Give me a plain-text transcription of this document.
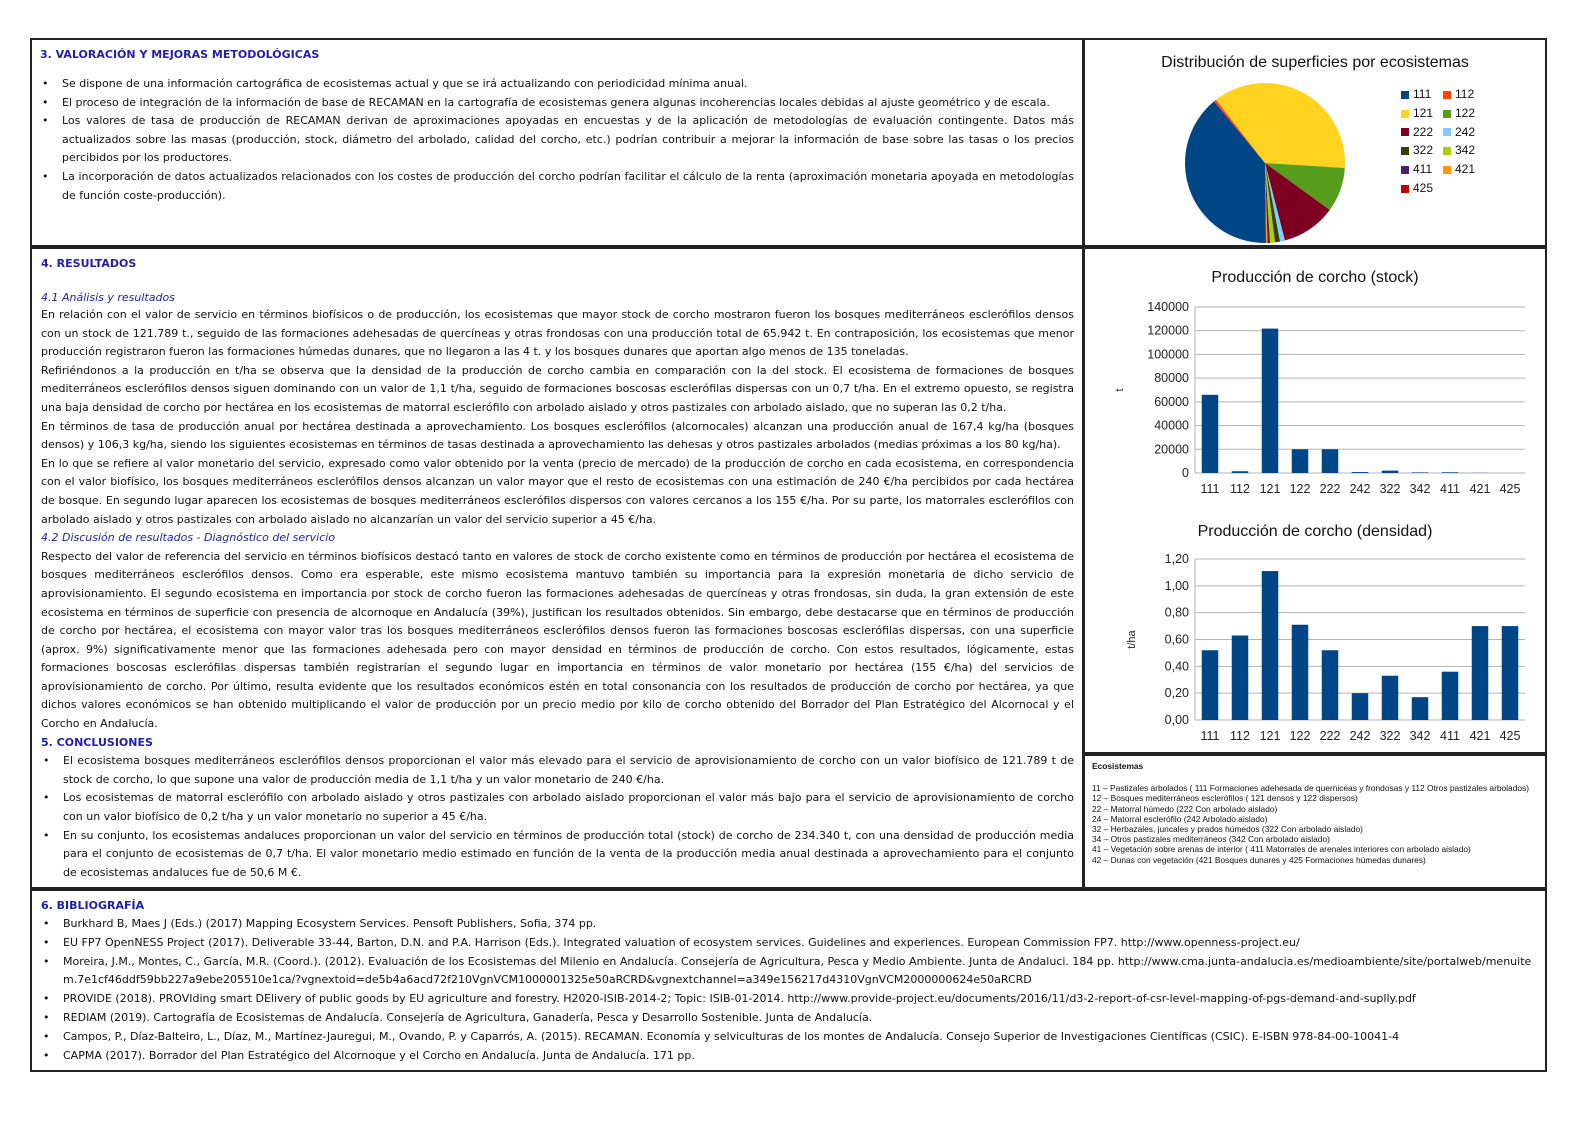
3. VALORACIÓN Y MEJORAS METODOLÓGICAS
• Se dispone de una información cartográfica de ecosistemas actual y que se irá actualizando con periodicidad mínima anual.
• El proceso de integración de la información de base de RECAMAN en la cartografía de ecosistemas genera algunas incoherencias locales debidas al ajuste geométrico y de escala.
• Los valores de tasa de producción de RECAMAN derivan de aproximaciones apoyadas en encuestas y de la aplicación de metodologías de evaluación contingente. Datos más actualizados sobre las masas (producción, stock, diámetro del arbolado, calidad del corcho, etc.) podrían contribuir a mejorar la información de base sobre las tasas o los precios percibidos por los productores.
• La incorporación de datos actualizados relacionados con los costes de producción del corcho podrían facilitar el cálculo de la renta (aproximación monetaria apoyada en metodologías de función coste-producción).
Distribución de superficies por ecosistemas
111	112
121	122
222	242
322	342
411	421
425
4. RESULTADOS
4.1 Análisis y resultados
En relación con el valor de servicio en términos biofísicos o de producción, los ecosistemas que mayor stock de corcho mostraron fueron los bosques mediterráneos esclerófilos densos con un stock de 121.789 t., seguido de las formaciones adehesadas de quercíneas y otras frondosas con una producción total de 65.942 t. En contraposición, los ecosistemas que menor producción registraron fueron las formaciones húmedas dunares, que no llegaron a las 4 t. y los bosques dunares que aportan algo menos de 135 toneladas.
Refiriéndonos a la producción en t/ha se observa que la densidad de la producción de corcho cambia en comparación con la del stock. El ecosistema de formaciones de bosques mediterráneos esclerófilos densos siguen dominando con un valor de 1,1 t/ha, seguido de formaciones boscosas esclerófilas dispersas con un 0,7 t/ha. En el extremo opuesto, se registra una baja densidad de corcho por hectárea en los ecosistemas de matorral esclerófilo con arbolado aislado y otros pastizales con arbolado aislado, que no superan las 0,2 t/ha.
En términos de tasa de producción anual por hectárea destinada a aprovechamiento. Los bosques esclerófilos (alcornocales) alcanzan una producción anual de 167,4 kg/ha (bosques densos) y 106,3 kg/ha, siendo los siguientes ecosistemas en términos de tasas destinada a aprovechamiento las dehesas y otros pastizales arbolados (medias próximas a los 80 kg/ha).
En lo que se refiere al valor monetario del servicio, expresado como valor obtenido por la venta (precio de mercado) de la producción de corcho en cada ecosistema, en correspondencia con el valor biofísico, los bosques mediterráneos esclerófilos densos alcanzan un valor mayor que el resto de ecosistemas con una estimación de 240 €/ha percibidos por cada hectárea de bosque. En segundo lugar aparecen los ecosistemas de bosques mediterráneos esclerófilos dispersos con valores cercanos a los 155 €/ha. Por su parte, los matorrales esclerófilos con arbolado aislado y otros pastizales con arbolado aislado no alcanzarían un valor del servicio superior a 45 €/ha.
4.2 Discusión de resultados - Diagnóstico del servicio
Respecto del valor de referencia del servicio en términos biofísicos destacó tanto en valores de stock de corcho existente como en términos de producción por hectárea el ecosistema de bosques mediterráneos esclerófilos densos. Como era esperable, este mismo ecosistema mantuvo también su importancia para la expresión monetaria de dicho servicio de aprovisionamiento. El segundo ecosistema en importancia por stock de corcho fueron las formaciones adehesadas de quercíneas y otras frondosas, sin duda, la gran extensión de este ecosistema en términos de superficie con presencia de alcornoque en Andalucía (39%), justifican los resultados obtenidos. Sin embargo, debe destacarse que en términos de producción de corcho por hectárea, el ecosistema con mayor valor tras los bosques mediterráneos esclerófilos densos fueron las formaciones boscosas esclerófilas dispersas, con una superficie (aprox. 9%) significativamente menor que las formaciones adehesada pero con mayor densidad en términos de producción de corcho. Con estos resultados, lógicamente, estas formaciones boscosas esclerófilas dispersas también registrarían el segundo lugar en importancia en términos de valor monetario por hectárea (155 €/ha) del servicios de aprovisionamiento de corcho. Por último, resulta evidente que los resultados económicos estén en total consonancia con los resultados de producción de corcho por hectárea, ya que dichos valores económicos se han obtenido multiplicando el valor de producción por un precio medio por kilo de corcho obtenido del Borrador del Plan Estratégico del Alcornocal y el Corcho en Andalucía.
5. CONCLUSIONES
• El ecosistema bosques mediterráneos esclerófilos densos proporcionan el valor más elevado para el servicio de aprovisionamiento de corcho con un valor biofísico de 121.789 t de stock de corcho, lo que supone una valor de producción media de 1,1 t/ha y un valor monetario de 240 €/ha.
• Los ecosistemas de matorral esclerófilo con arbolado aislado y otros pastizales con arbolado aislado proporcionan el valor más bajo para el servicio de aprovisionamiento de corcho con un valor biofísico de 0,2 t/ha y un valor monetario no superior a 45 €/ha.
• En su conjunto, los ecosistemas andaluces proporcionan un valor del servicio en términos de producción total (stock) de corcho de 234.340 t, con una densidad de producción media para el conjunto de ecosistemas de 0,7 t/ha. El valor monetario medio estimado en función de la venta de la producción media anual destinada a aprovechamiento para el conjunto de ecosistemas andaluces fue de 50,6 M €.
Producción de corcho (stock)
0
20000
40000
60000
80000
100000
120000
140000
111 112 121 122 222 242 322 342 411 421 425
t
Producción de corcho (densidad)
0,00
0,20
0,40
0,60
0,80
1,00
1,20
111 112 121 122 222 242 322 342 411 421 425
t/ha
Ecosistemas
11 – Pastizales arbolados ( 111 Formaciones adehesada de querniceas y frondosas y 112 Otros pastizales arbolados)
12 – Bosques mediterráneos esclerófilos ( 121 densos y 122 dispersos)
22 – Matorral húmedo (222 Con arbolado aislado)
24 – Matorral esclerófilo (242 Arbolado aislado)
32 – Herbazales, juncales y prados húmedos (322 Con arbolado aislado)
34 – Otros pastizales mediterráneos (342 Con arbolado aislado)
41 – Vegetación sobre arenas de interior ( 411 Matorrales de arenales interiores con arbolado aislado)
42 – Dunas con vegetación (421 Bosques dunares y 425 Formaciones húmedas dunares)
6. BIBLIOGRAFÍA
• Burkhard B, Maes J (Eds.) (2017) Mapping Ecosystem Services. Pensoft Publishers, Sofia, 374 pp.
• EU FP7 OpenNESS Project (2017). Deliverable 33-44, Barton, D.N. and P.A. Harrison (Eds.). Integrated valuation of ecosystem services. Guidelines and experiences. European Commission FP7. http://www.openness-project.eu/
• Moreira, J.M., Montes, C., García, M.R. (Coord.). (2012). Evaluación de los Ecosistemas del Milenio en Andalucía. Consejería de Agricultura, Pesca y Medio Ambiente. Junta de Andaluci. 184 pp. http://www.cma.junta-andalucia.es/medioambiente/site/portalweb/menuitem.7e1cf46ddf59bb227a9ebe205510e1ca/?vgnextoid=de5b4a6acd72f210VgnVCM1000001325e50aRCRD&vgnextchannel=a349e156217d4310VgnVCM2000000624e50aRCRD
• PROVIDE (2018). PROVIding smart DElivery of public goods by EU agriculture and forestry. H2020-ISIB-2014-2; Topic: ISIB-01-2014. http://www.provide-project.eu/documents/2016/11/d3-2-report-of-csr-level-mapping-of-pgs-demand-and-suplly.pdf
• REDIAM (2019). Cartografía de Ecosistemas de Andalucía. Consejería de Agricultura, Ganadería, Pesca y Desarrollo Sostenible. Junta de Andalucía.
• Campos, P., Díaz-Balteiro, L., Díaz, M., Martínez-Jauregui, M., Ovando, P. y Caparrós, A. (2015). RECAMAN. Economía y selviculturas de los montes de Andalucía. Consejo Superior de Investigaciones Científicas (CSIC). E-ISBN 978-84-00-10041-4
• CAPMA (2017). Borrador del Plan Estratégico del Alcornoque y el Corcho en Andalucía. Junta de Andalucía. 171 pp.
